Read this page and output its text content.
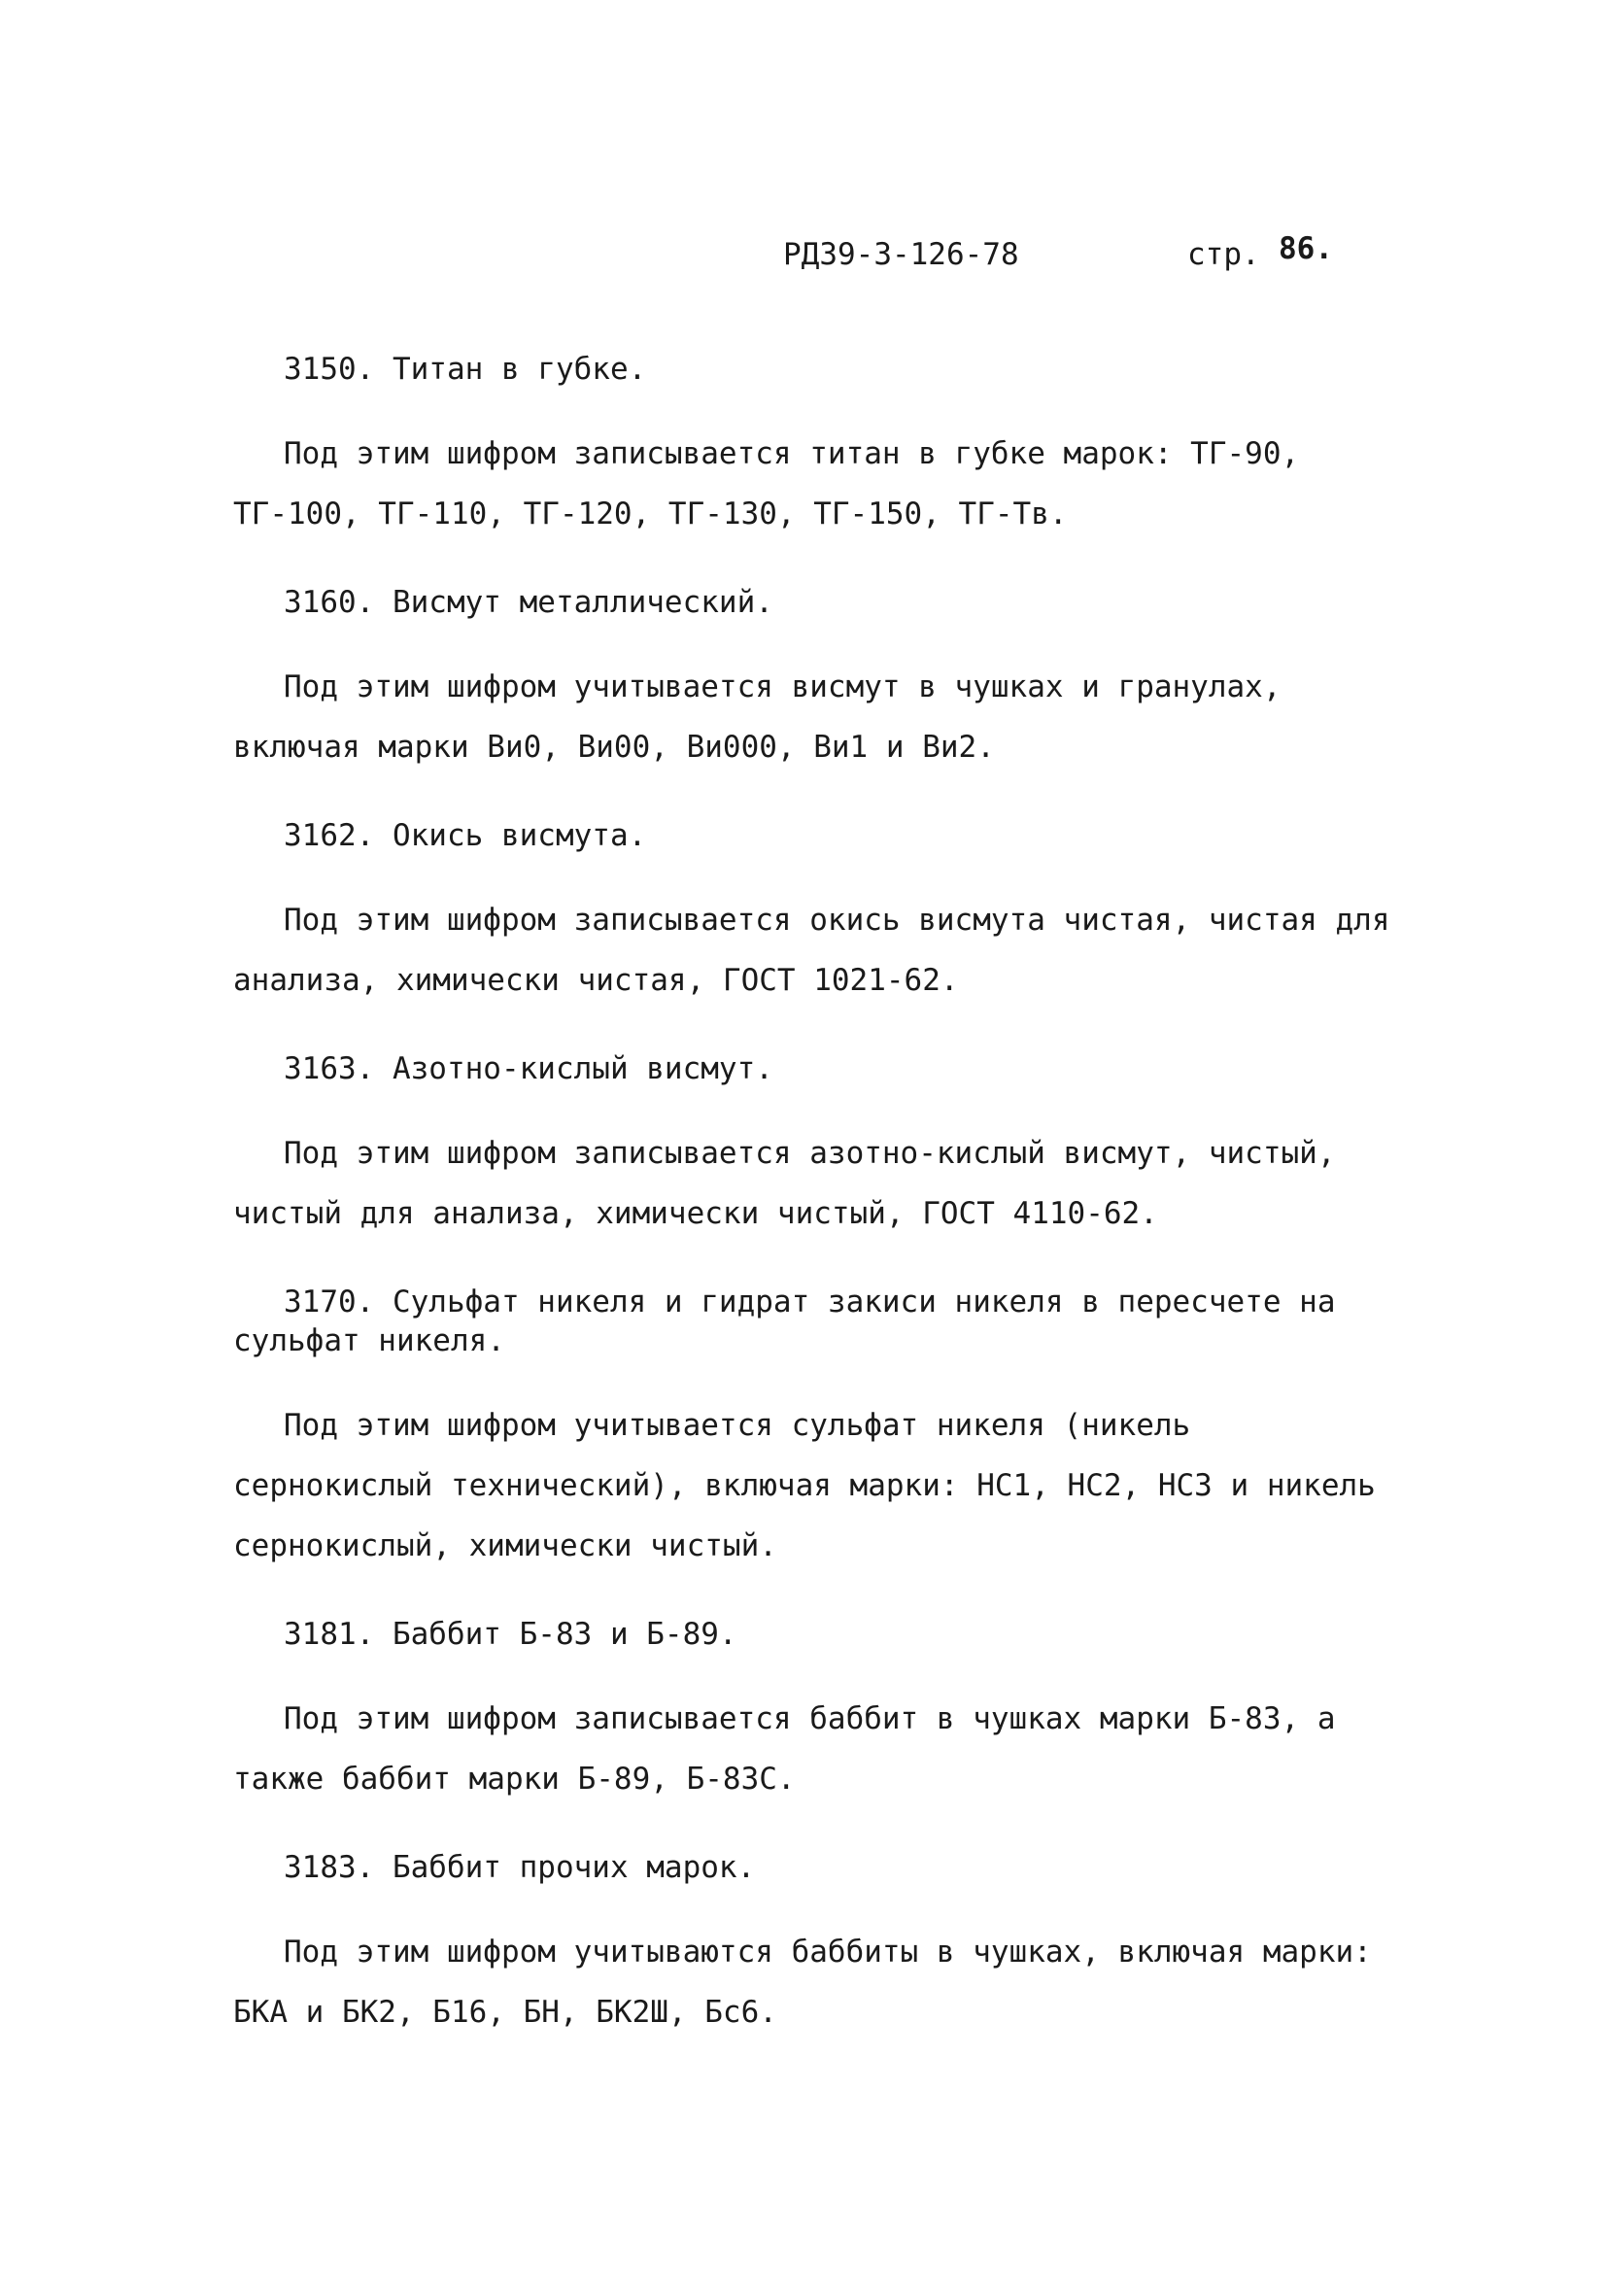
РД39-3-126-78	стр. 86.

3150. Титан в губке.

Под этим шифром записывается титан в губке марок: ТГ-90, ТГ-100, ТГ-110, ТГ-120, ТГ-130, ТГ-150, ТГ-Тв.

3160. Висмут металлический.

Под этим шифром учитывается висмут в чушках и гранулах, включая марки Ви0, Ви00, Ви000, Ви1 и Ви2.

3162. Окись висмута.

Под этим шифром записывается окись висмута чистая, чистая для анализа, химически чистая, ГОСТ 1021-62.

3163. Азотно-кислый висмут.

Под этим шифром записывается азотно-кислый висмут, чистый, чистый для анализа, химически чистый, ГОСТ 4110-62.

3170. Сульфат никеля и гидрат закиси никеля в пересчете на сульфат никеля.

Под этим шифром учитывается сульфат никеля (никель сернокислый технический), включая марки: НС1, НС2, НС3 и никель сернокислый, химически чистый.

3181. Баббит Б-83 и Б-89.

Под этим шифром записывается баббит в чушках марки Б-83, а также баббит марки Б-89, Б-83С.

3183. Баббит прочих марок.

Под этим шифром учитываются баббиты в чушках, включая марки: БКА и БК2, Б16, БН, БК2Ш, Бс6.
